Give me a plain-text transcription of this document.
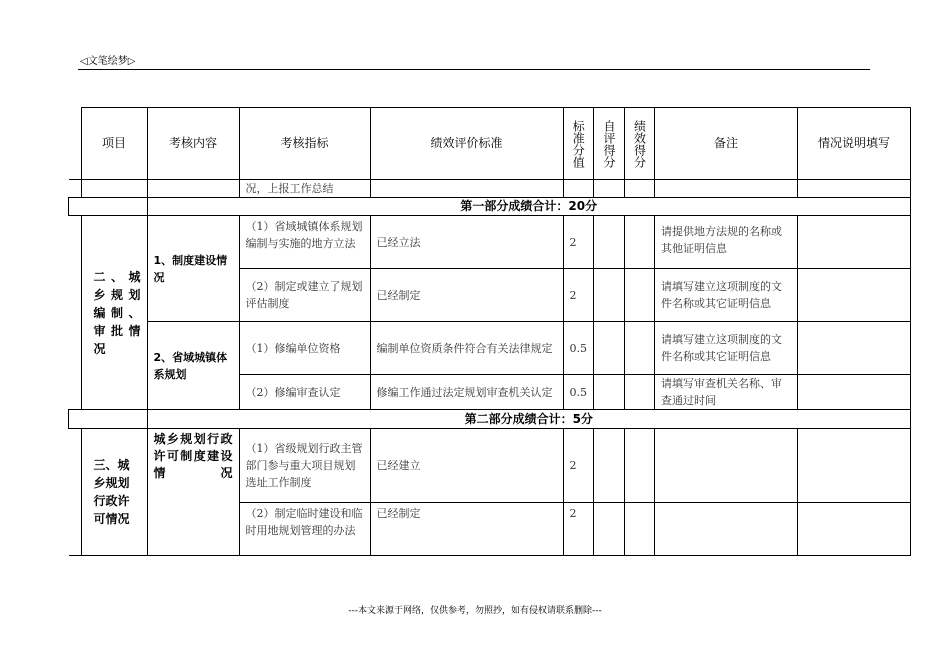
◁文笔绘梦▷
	项目	考核内容	考核指标	绩效评价标准	标准分值	自评得分	绩效得分	备注	情况说明填写
			况，上报工作总结						
		第一部分成绩合计：20分							
	二、城乡规划编制、审批情况	1、制度建设情况	（1）省域城镇体系规划编制与实施的地方立法	已经立法	2			请提供地方法规的名称或其他证明信息	
			（2）制定或建立了规划评估制度	已经制定	2			请填写建立这项制度的文件名称或其它证明信息	
		2、省域城镇体系规划	（1）修编单位资格	编制单位资质条件符合有关法律规定	0.5			请填写建立这项制度的文件名称或其它证明信息	
			（2）修编审查认定	修编工作通过法定规划审查机关认定	0.5			请填写审查机关名称、审查通过时间	
		第二部分成绩合计：5分							
	三、城乡规划行政许可情况	城乡规划行政许可制度建设情况	（1）省级规划行政主管部门参与重大项目规划选址工作制度	已经建立	2				
			（2）制定临时建设和临时用地规划管理的办法	已经制定	2				
---本文来源于网络，仅供参考，勿照抄，如有侵权请联系删除---
